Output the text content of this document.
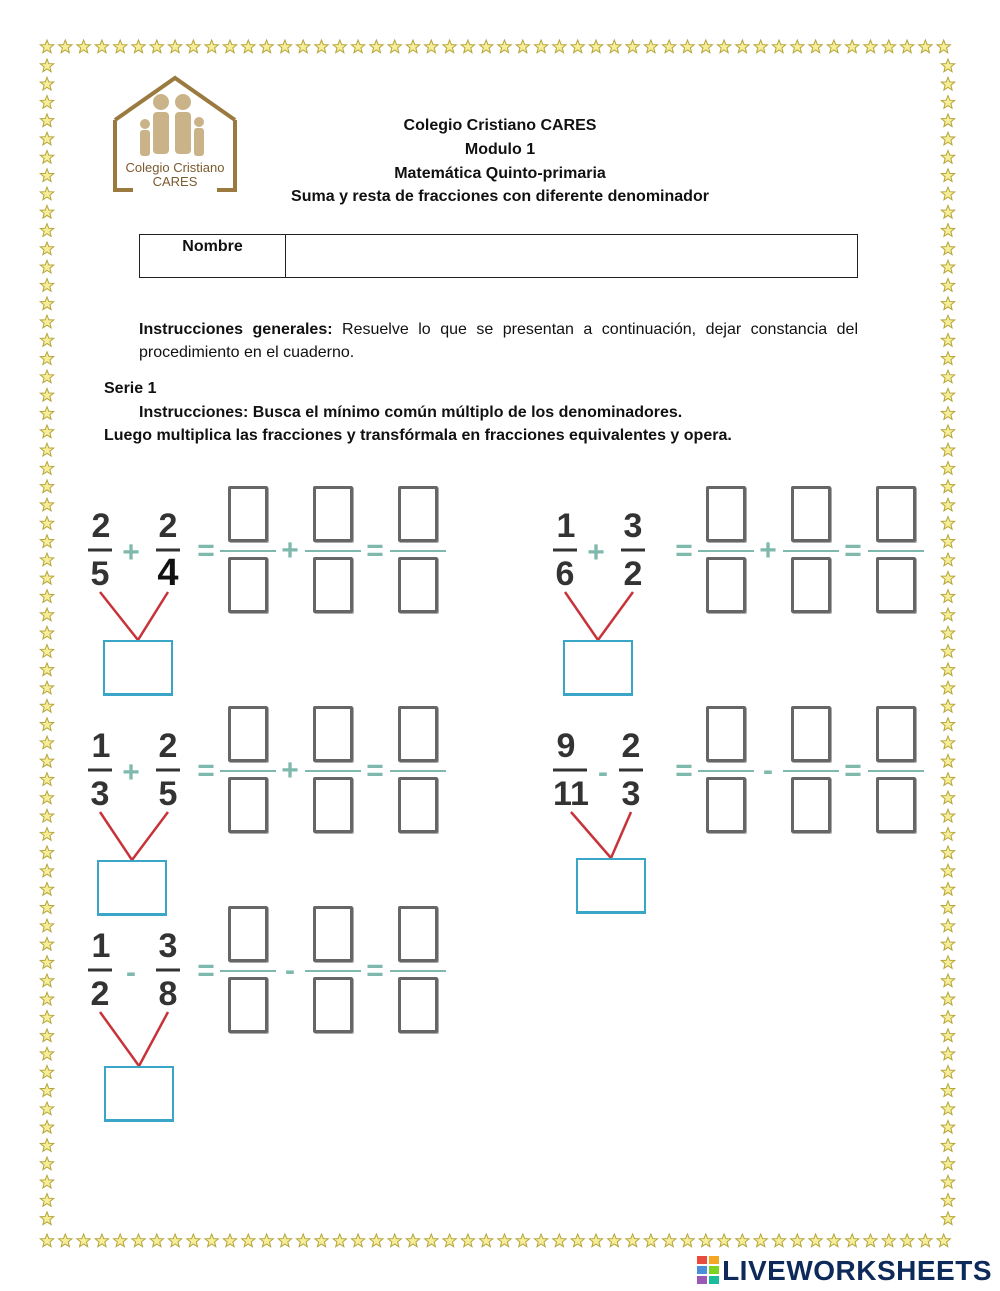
Colegio Cristiano
CARES
Colegio Cristiano CARES
Modulo 1
Matemática Quinto-primaria
Suma y resta de fracciones con diferente denominador
Nombre
Instrucciones generales: Resuelve lo que se presentan a continuación, dejar constancia del procedimiento en el cuaderno.
Serie 1
Instrucciones: Busca el mínimo común múltiplo de los denominadores.
Luego multiplica las fracciones y transfórmala en fracciones equivalentes y opera.
2
5
+
2
4
= + =
1
6
+
3
2
= + =
1
3
+
2
5
= + =
9
11
-
2
3
= - =
1
2
-
3
8
= - =
LIVEWORKSHEETS
